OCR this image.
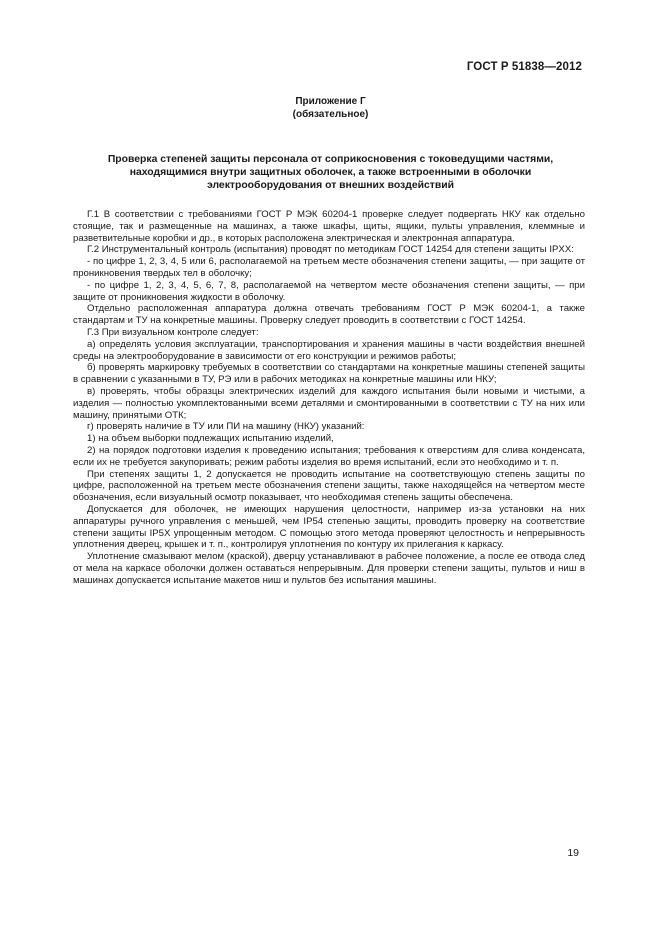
ГОСТ Р 51838—2012
Приложение Г
(обязательное)
Проверка степеней защиты персонала от соприкосновения с токоведущими частями,
находящимися внутри защитных оболочек, а также встроенными в оболочки
электрооборудования от внешних воздействий

Г.1 В соответствии с требованиями ГОСТ Р МЭК 60204-1 проверке следует подвергать НКУ как отдельно стоящие, так и размещенные на машинах, а также шкафы, щиты, ящики, пульты управления, клеммные и разветвительные коробки и др., в которых расположена электрическая и электронная аппаратура.

Г.2 Инструментальный контроль (испытания) проводят по методикам ГОСТ 14254 для степени защиты IPXX:

- по цифре 1, 2, 3, 4, 5 или 6, располагаемой на третьем месте обозначения степени защиты, — при защите от проникновения твердых тел в оболочку;

- по цифре 1, 2, 3, 4, 5, 6, 7, 8, располагаемой на четвертом месте обозначения степени защиты, — при защите от проникновения жидкости в оболочку.

Отдельно расположенная аппаратура должна отвечать требованиям ГОСТ Р МЭК 60204-1, а также стандартам и ТУ на конкретные машины. Проверку следует проводить в соответствии с ГОСТ 14254.

Г.3 При визуальном контроле следует:

а) определять условия эксплуатации, транспортирования и хранения машины в части воздействия внешней среды на электрооборудование в зависимости от его конструкции и режимов работы;

б) проверять маркировку требуемых в соответствии со стандартами на конкретные машины степеней защиты в сравнении с указанными в ТУ, РЭ или в рабочих методиках на конкретные машины или НКУ;

в) проверять, чтобы образцы электрических изделий для каждого испытания были новыми и чистыми, а изделия — полностью укомплектованными всеми деталями и смонтированными в соответствии с ТУ на них или машину, принятыми ОТК;

г) проверять наличие в ТУ или ПИ на машину (НКУ) указаний:

1) на объем выборки подлежащих испытанию изделий,

2) на порядок подготовки изделия к проведению испытания; требования к отверстиям для слива конденсата, если их не требуется закупоривать; режим работы изделия во время испытаний, если это необходимо и т. п.

При степенях защиты 1, 2 допускается не проводить испытание на соответствующую степень защиты по цифре, расположенной на третьем месте обозначения степени защиты, также находящейся на четвертом месте обозначения, если визуальный осмотр показывает, что необходимая степень защиты обеспечена.

Допускается для оболочек, не имеющих нарушения целостности, например из-за установки на них аппаратуры ручного управления с меньшей, чем IP54 степенью защиты, проводить проверку на соответствие степени защиты IP5X упрощенным методом. С помощью этого метода проверяют целостность и непрерывность уплотнения дверец, крышек и т. п., контролируя уплотнения по контуру их прилегания к каркасу.

Уплотнение смазывают мелом (краской), дверцу устанавливают в рабочее положение, а после ее отвода след от мела на каркасе оболочки должен оставаться непрерывным. Для проверки степени защиты, пультов и ниш в машинах допускается испытание макетов ниш и пультов без испытания машины.

19
